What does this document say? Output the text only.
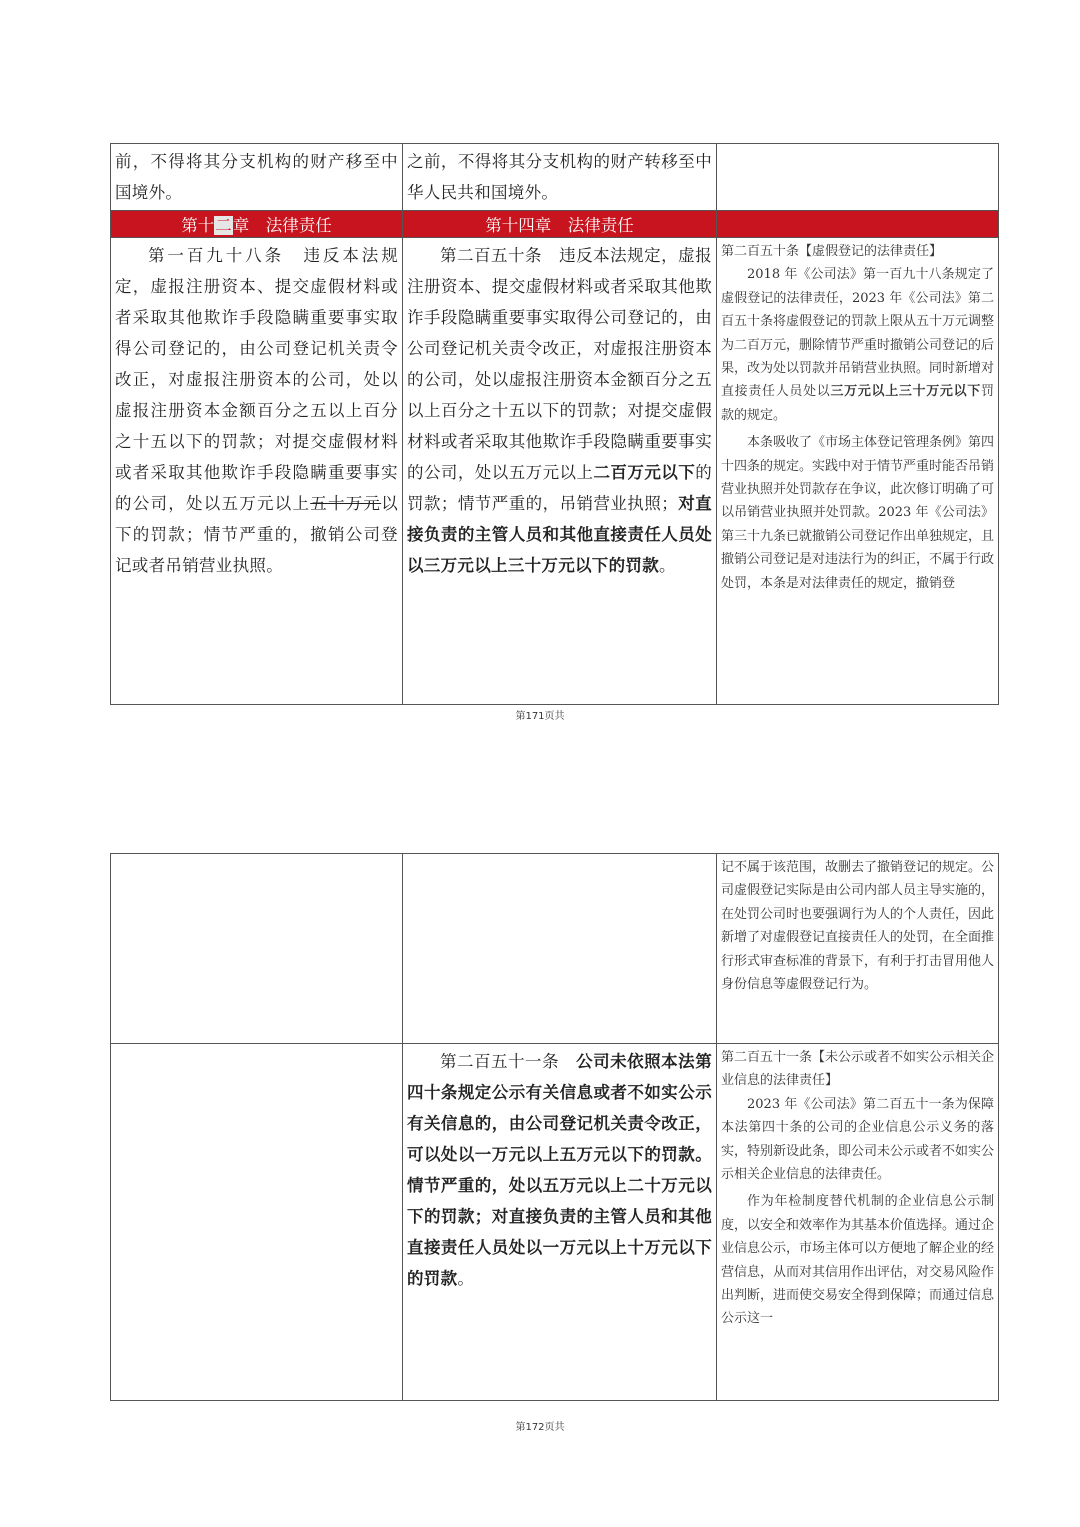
前，不得将其分支机构的财产移至中国境外。	之前，不得将其分支机构的财产转移至中华人民共和国境外。	

第十二章　法律责任	第十四章　法律责任	

第一百九十八条　违反本法规定，虚报注册资本、提交虚假材料或者采取其他欺诈手段隐瞒重要事实取得公司登记的，由公司登记机关责令改正，对虚报注册资本的公司，处以虚报注册资本金额百分之五以上百分之十五以下的罚款；对提交虚假材料或者采取其他欺诈手段隐瞒重要事实的公司，处以五万元以上五十万元以下的罚款；情节严重的，撤销公司登记或者吊销营业执照。	第二百五十条　违反本法规定，虚报注册资本、提交虚假材料或者采取其他欺诈手段隐瞒重要事实取得公司登记的，由公司登记机关责令改正，对虚报注册资本的公司，处以虚报注册资本金额百分之五以上百分之十五以下的罚款；对提交虚假材料或者采取其他欺诈手段隐瞒重要事实的公司，处以五万元以上二百万元以下的罚款；情节严重的，吊销营业执照；对直接负责的主管人员和其他直接责任人员处以三万元以上三十万元以下的罚款。	第二百五十条【虚假登记的法律责任】

2018 年《公司法》第一百九十八条规定了虚假登记的法律责任，2023 年《公司法》第二百五十条将虚假登记的罚款上限从五十万元调整为二百万元，删除情节严重时撤销公司登记的后果，改为处以罚款并吊销营业执照。同时新增对直接责任人员处以三万元以上三十万元以下罚款的规定。

本条吸收了《市场主体登记管理条例》第四十四条的规定。实践中对于情节严重时能否吊销营业执照并处罚款存在争议，此次修订明确了可以吊销营业执照并处罚款。2023 年《公司法》第三十九条已就撤销公司登记作出单独规定，且撤销公司登记是对违法行为的纠正，不属于行政处罚，本条是对法律责任的规定，撤销登

第171页共

		记不属于该范围，故删去了撤销登记的规定。公司虚假登记实际是由公司内部人员主导实施的，在处罚公司时也要强调行为人的个人责任，因此新增了对虚假登记直接责任人的处罚，在全面推行形式审查标准的背景下，有利于打击冒用他人身份信息等虚假登记行为。

	第二百五十一条　公司未依照本法第四十条规定公示有关信息或者不如实公示有关信息的，由公司登记机关责令改正，可以处以一万元以上五万元以下的罚款。情节严重的，处以五万元以上二十万元以下的罚款；对直接负责的主管人员和其他直接责任人员处以一万元以上十万元以下的罚款。	第二百五十一条【未公示或者不如实公示相关企业信息的法律责任】

2023 年《公司法》第二百五十一条为保障本法第四十条的公司的企业信息公示义务的落实，特别新设此条，即公司未公示或者不如实公示相关企业信息的法律责任。

作为年检制度替代机制的企业信息公示制度，以安全和效率作为其基本价值选择。通过企业信息公示，市场主体可以方便地了解企业的经营信息，从而对其信用作出评估，对交易风险作出判断，进而使交易安全得到保障；而通过信息公示这一

第172页共
